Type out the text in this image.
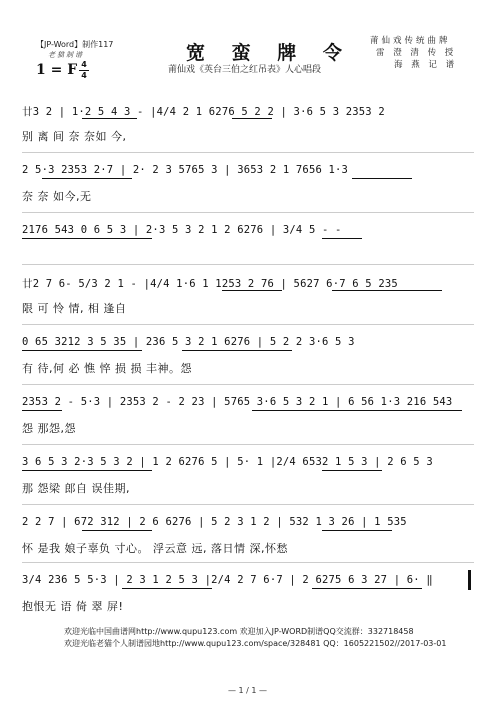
【JP-Word】制作117
老猫制谱	宽 蛮 牌 令
莆仙戏《英台三伯之红吊表》人心唱段
莆仙戏传统曲牌
雷 澄 清 传 授
海 燕 记 谱
1 = F 4
4
廿3 2 | 1·2 5 4 3 - |4/4 2 1 6276 5 2 2 | 3·6 5 3 2353 2
别 离 间 奈 奈如 今,
2 5·3 2353 2·7 | 2· 2 3 5765 3 | 3653 2 1 7656 1·3
奈 奈 如今,无
2176 543 0 6 5 3 | 2·3 5 3 2 1 2 6276 | 3/4 5 - -
廿2 7 6- 5/3 2 1 - |4/4 1·6 1 1253 2 76 | 5627 6·7 6 5 235
限 可 怜 情, 相 逢自
0 65 3212 3 5 35 | 236 5 3 2 1 6276 | 5 2 2 3·6 5 3
有 待,何 必 憔 悴 损 损 丰神。怨
2353 2 - 5·3 | 2353 2 - 2 23 | 5765 3·6 5 3 2 1 | 6 56 1·3 216 543
怨 那怨,怨
3 6 5 3 2·3 5 3 2 | 1 2 6276 5 | 5· 1 |2/4 6532 1 5 3 | 2 6 5 3
那 怨梁 郎自 误佳期,
2 2 7 | 672 312 | 2 6 6276 | 5 2 3 1 2 | 532 1 3 26 | 1 535
怀 是我 娘子辜负 寸心。 浮云意 远, 落日情 深,怀愁
3/4 236 5 5·3 | 2 3 1 2 5 3 |2/4 2 7 6·7 | 2 6275 6 3 27 | 6· ‖
抱恨无 语 倚 翠 屏!
欢迎光临中国曲谱网http://www.qupu123.com 欢迎加入JP-WORD制谱QQ交流群：332718458
欢迎光临老猫个人制谱园地http://www.qupu123.com/space/328481 QQ：1605221502//2017-03-01
— 1 / 1 —
